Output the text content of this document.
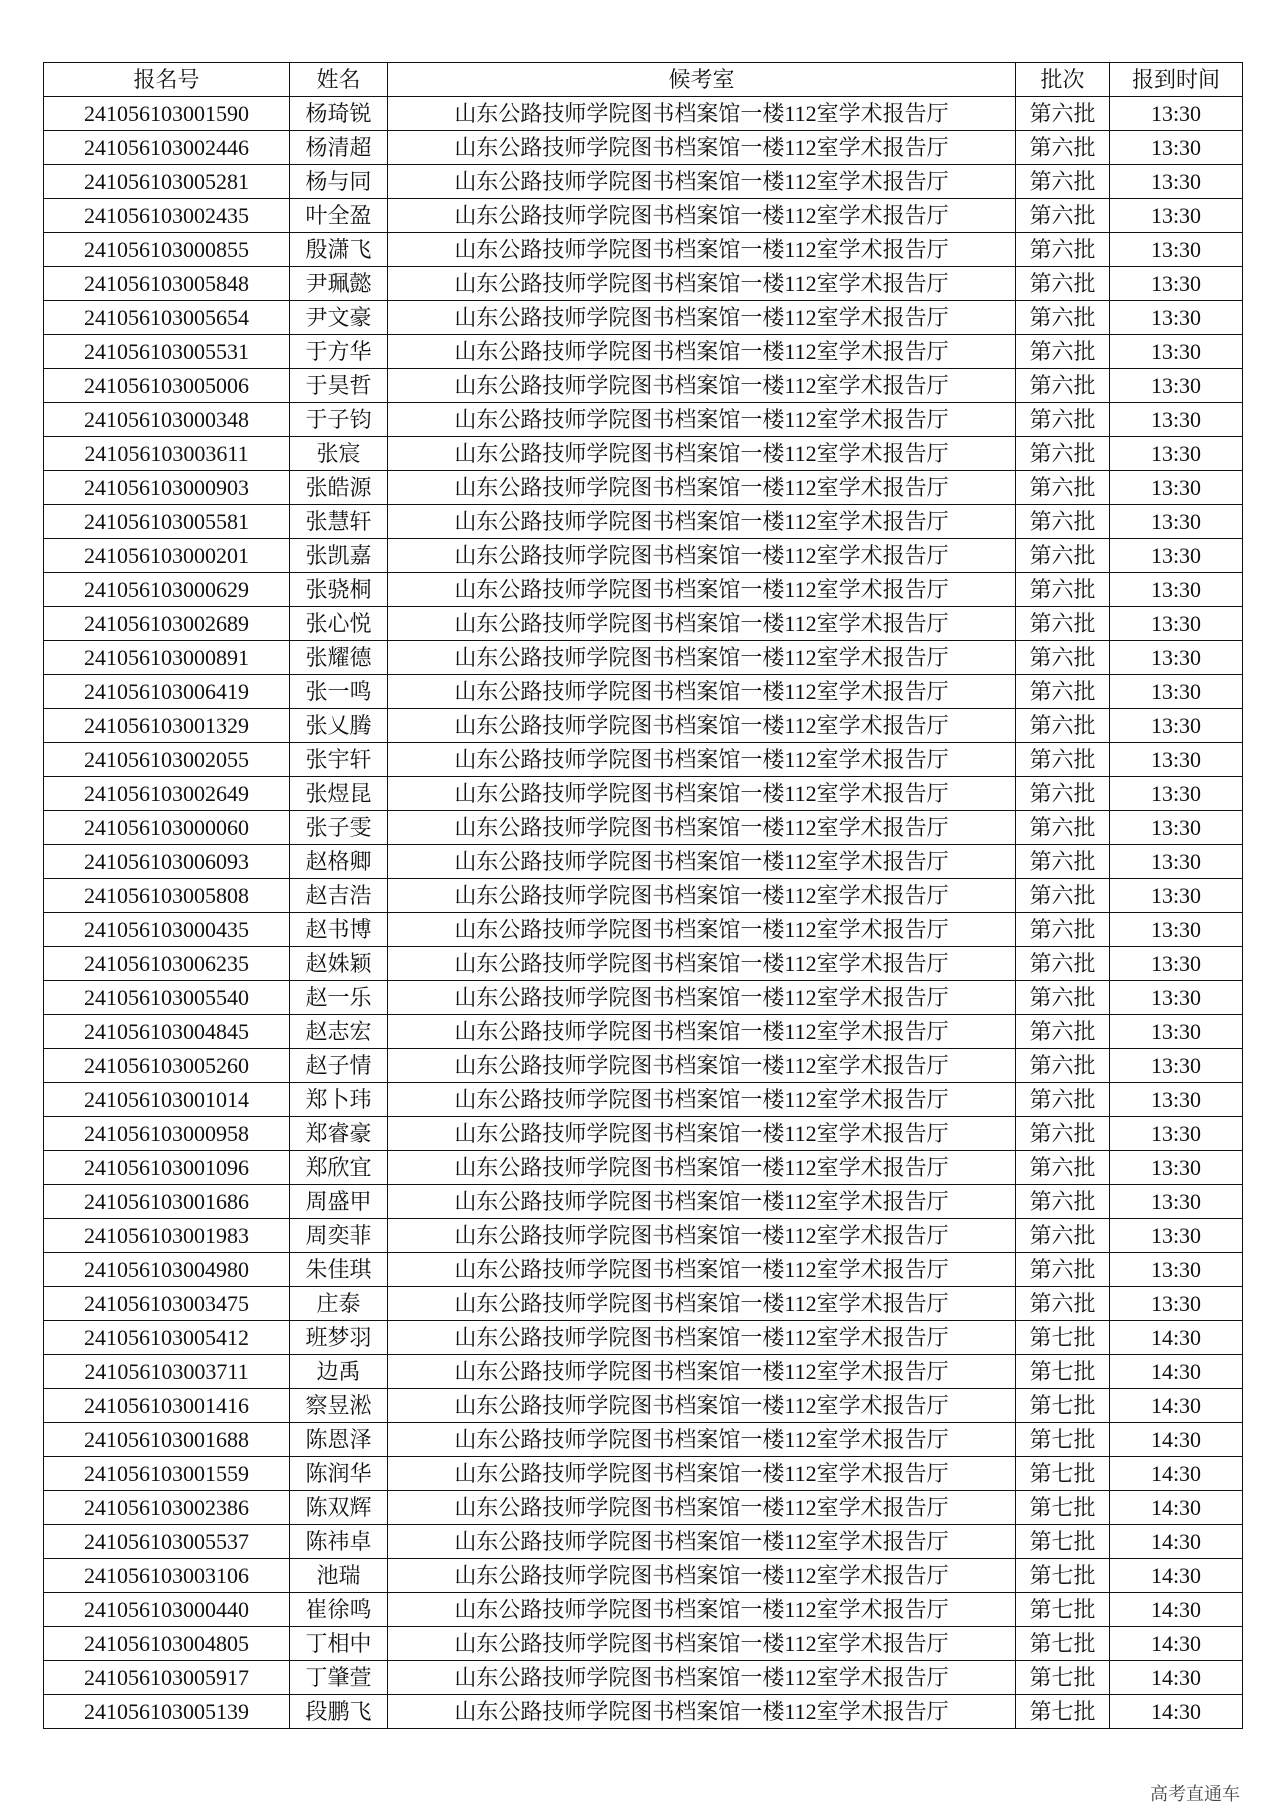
报名号	姓名	候考室	批次	报到时间
241056103001590	杨琦锐	山东公路技师学院图书档案馆一楼112室学术报告厅	第六批	13:30
241056103002446	杨清超	山东公路技师学院图书档案馆一楼112室学术报告厅	第六批	13:30
241056103005281	杨与同	山东公路技师学院图书档案馆一楼112室学术报告厅	第六批	13:30
241056103002435	叶全盈	山东公路技师学院图书档案馆一楼112室学术报告厅	第六批	13:30
241056103000855	殷潇飞	山东公路技师学院图书档案馆一楼112室学术报告厅	第六批	13:30
241056103005848	尹珮懿	山东公路技师学院图书档案馆一楼112室学术报告厅	第六批	13:30
241056103005654	尹文豪	山东公路技师学院图书档案馆一楼112室学术报告厅	第六批	13:30
241056103005531	于方华	山东公路技师学院图书档案馆一楼112室学术报告厅	第六批	13:30
241056103005006	于昊哲	山东公路技师学院图书档案馆一楼112室学术报告厅	第六批	13:30
241056103000348	于子钧	山东公路技师学院图书档案馆一楼112室学术报告厅	第六批	13:30
241056103003611	张宸	山东公路技师学院图书档案馆一楼112室学术报告厅	第六批	13:30
241056103000903	张皓源	山东公路技师学院图书档案馆一楼112室学术报告厅	第六批	13:30
241056103005581	张慧轩	山东公路技师学院图书档案馆一楼112室学术报告厅	第六批	13:30
241056103000201	张凯嘉	山东公路技师学院图书档案馆一楼112室学术报告厅	第六批	13:30
241056103000629	张骁桐	山东公路技师学院图书档案馆一楼112室学术报告厅	第六批	13:30
241056103002689	张心悦	山东公路技师学院图书档案馆一楼112室学术报告厅	第六批	13:30
241056103000891	张耀德	山东公路技师学院图书档案馆一楼112室学术报告厅	第六批	13:30
241056103006419	张一鸣	山东公路技师学院图书档案馆一楼112室学术报告厅	第六批	13:30
241056103001329	张乂腾	山东公路技师学院图书档案馆一楼112室学术报告厅	第六批	13:30
241056103002055	张宇轩	山东公路技师学院图书档案馆一楼112室学术报告厅	第六批	13:30
241056103002649	张煜昆	山东公路技师学院图书档案馆一楼112室学术报告厅	第六批	13:30
241056103000060	张子雯	山东公路技师学院图书档案馆一楼112室学术报告厅	第六批	13:30
241056103006093	赵格卿	山东公路技师学院图书档案馆一楼112室学术报告厅	第六批	13:30
241056103005808	赵吉浩	山东公路技师学院图书档案馆一楼112室学术报告厅	第六批	13:30
241056103000435	赵书博	山东公路技师学院图书档案馆一楼112室学术报告厅	第六批	13:30
241056103006235	赵姝颖	山东公路技师学院图书档案馆一楼112室学术报告厅	第六批	13:30
241056103005540	赵一乐	山东公路技师学院图书档案馆一楼112室学术报告厅	第六批	13:30
241056103004845	赵志宏	山东公路技师学院图书档案馆一楼112室学术报告厅	第六批	13:30
241056103005260	赵子情	山东公路技师学院图书档案馆一楼112室学术报告厅	第六批	13:30
241056103001014	郑卜玮	山东公路技师学院图书档案馆一楼112室学术报告厅	第六批	13:30
241056103000958	郑睿豪	山东公路技师学院图书档案馆一楼112室学术报告厅	第六批	13:30
241056103001096	郑欣宜	山东公路技师学院图书档案馆一楼112室学术报告厅	第六批	13:30
241056103001686	周盛甲	山东公路技师学院图书档案馆一楼112室学术报告厅	第六批	13:30
241056103001983	周奕菲	山东公路技师学院图书档案馆一楼112室学术报告厅	第六批	13:30
241056103004980	朱佳琪	山东公路技师学院图书档案馆一楼112室学术报告厅	第六批	13:30
241056103003475	庄泰	山东公路技师学院图书档案馆一楼112室学术报告厅	第六批	13:30
241056103005412	班梦羽	山东公路技师学院图书档案馆一楼112室学术报告厅	第七批	14:30
241056103003711	边禹	山东公路技师学院图书档案馆一楼112室学术报告厅	第七批	14:30
241056103001416	察昱淞	山东公路技师学院图书档案馆一楼112室学术报告厅	第七批	14:30
241056103001688	陈恩泽	山东公路技师学院图书档案馆一楼112室学术报告厅	第七批	14:30
241056103001559	陈润华	山东公路技师学院图书档案馆一楼112室学术报告厅	第七批	14:30
241056103002386	陈双辉	山东公路技师学院图书档案馆一楼112室学术报告厅	第七批	14:30
241056103005537	陈祎卓	山东公路技师学院图书档案馆一楼112室学术报告厅	第七批	14:30
241056103003106	池瑞	山东公路技师学院图书档案馆一楼112室学术报告厅	第七批	14:30
241056103000440	崔徐鸣	山东公路技师学院图书档案馆一楼112室学术报告厅	第七批	14:30
241056103004805	丁相中	山东公路技师学院图书档案馆一楼112室学术报告厅	第七批	14:30
241056103005917	丁肇萱	山东公路技师学院图书档案馆一楼112室学术报告厅	第七批	14:30
241056103005139	段鹏飞	山东公路技师学院图书档案馆一楼112室学术报告厅	第七批	14:30
高考直通车
